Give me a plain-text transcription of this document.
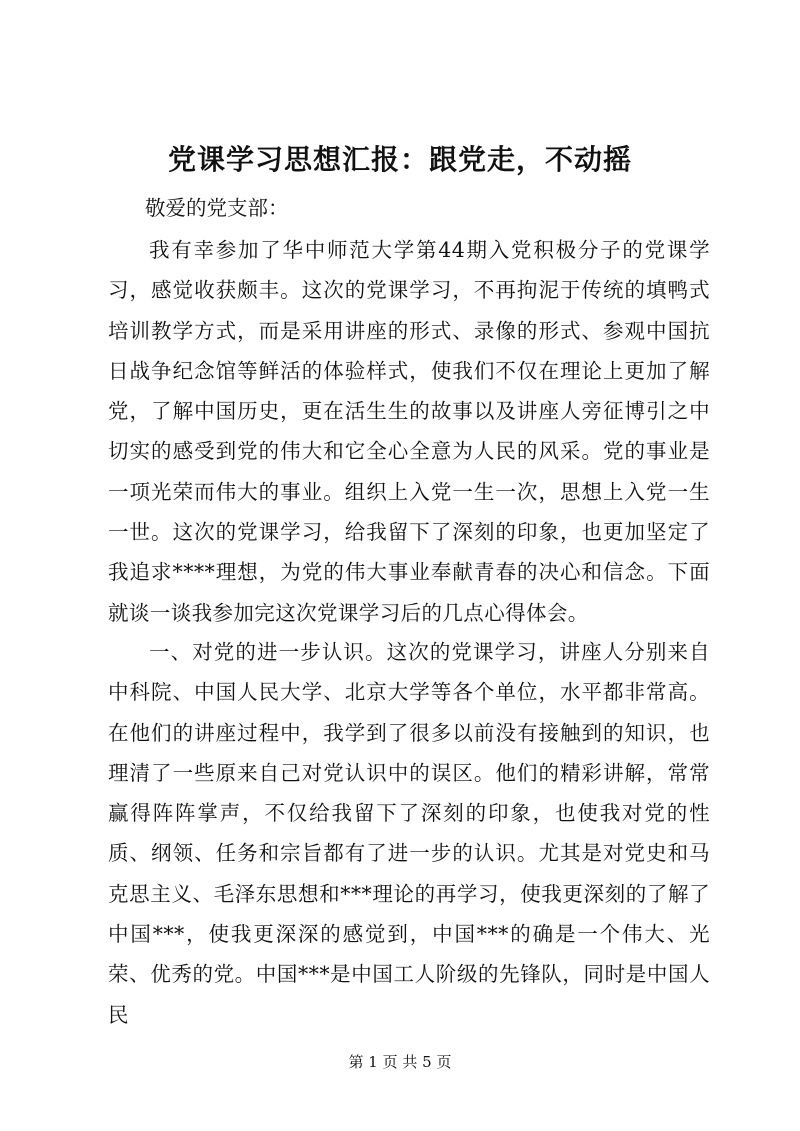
党课学习思想汇报：跟党走，不动摇

敬爱的党支部：

我有幸参加了华中师范大学第44期入党积极分子的党课学习，感觉收获颇丰。这次的党课学习，不再拘泥于传统的填鸭式培训教学方式，而是采用讲座的形式、录像的形式、参观中国抗日战争纪念馆等鲜活的体验样式，使我们不仅在理论上更加了解党，了解中国历史，更在活生生的故事以及讲座人旁征博引之中切实的感受到党的伟大和它全心全意为人民的风采。党的事业是一项光荣而伟大的事业。组织上入党一生一次，思想上入党一生一世。这次的党课学习，给我留下了深刻的印象，也更加坚定了我追求****理想，为党的伟大事业奉献青春的决心和信念。下面就谈一谈我参加完这次党课学习后的几点心得体会。

一、对党的进一步认识。这次的党课学习，讲座人分别来自中科院、中国人民大学、北京大学等各个单位，水平都非常高。在他们的讲座过程中，我学到了很多以前没有接触到的知识，也理清了一些原来自己对党认识中的误区。他们的精彩讲解，常常赢得阵阵掌声，不仅给我留下了深刻的印象，也使我对党的性质、纲领、任务和宗旨都有了进一步的认识。尤其是对党史和马克思主义、毛泽东思想和***理论的再学习，使我更深刻的了解了中国***，使我更深深的感觉到，中国***的确是一个伟大、光荣、优秀的党。中国***是中国工人阶级的先锋队，同时是中国人民

第 1 页 共 5 页
